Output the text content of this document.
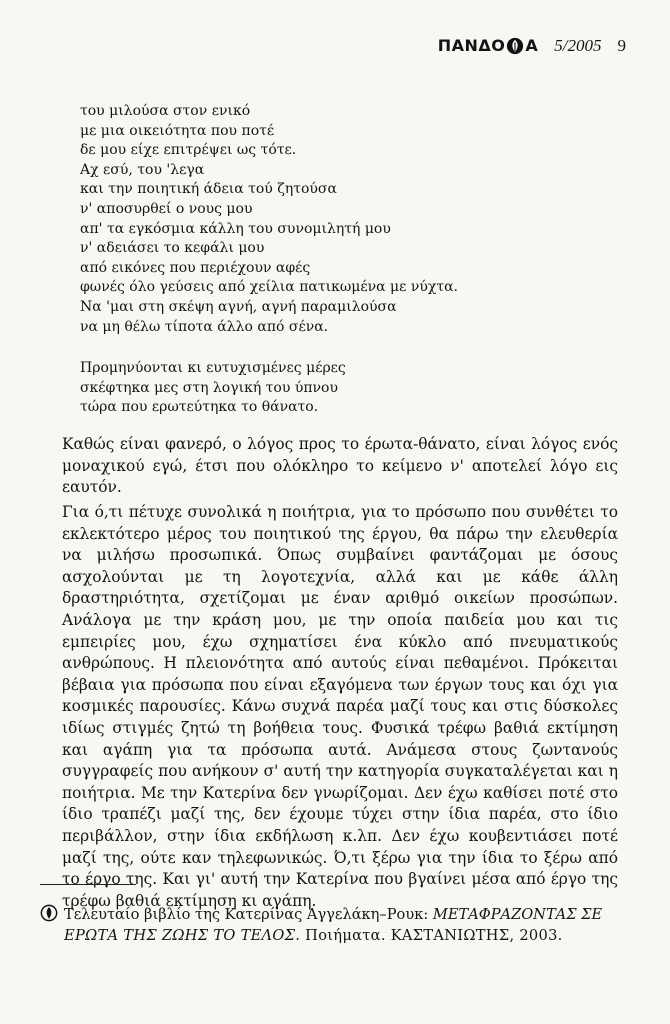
ΠΑΝΔΟ Α 5/2005 9
του μιλούσα στον ενικό
με μια οικειότητα που ποτέ
δε μου είχε επιτρέψει ως τότε.
Αχ εσύ, του 'λεγα
και την ποιητική άδεια τού ζητούσα
ν' αποσυρθεί ο νους μου
απ' τα εγκόσμια κάλλη του συνομιλητή μου
ν' αδειάσει το κεφάλι μου
από εικόνες που περιέχουν αφές
φωνές όλο γεύσεις από χείλια πατικωμένα με νύχτα.
Να 'μαι στη σκέψη αγνή, αγνή παραμιλούσα
να μη θέλω τίποτα άλλο από σένα.
Προμηνύονται κι ευτυχισμένες μέρες
σκέφτηκα μες στη λογική του ύπνου
τώρα που ερωτεύτηκα το θάνατο.

Καθώς είναι φανερό, ο λόγος προς το έρωτα-θάνατο, είναι λόγος ενός μοναχικού εγώ, έτσι που ολόκληρο το κείμενο ν' αποτελεί λόγο εις εαυτόν.

Για ό,τι πέτυχε συνολικά η ποιήτρια, για το πρόσωπο που συνθέτει το εκλεκτότερο μέρος του ποιητικού της έργου, θα πάρω την ελευθερία να μιλήσω προσωπικά. Όπως συμβαίνει φαντάζομαι με όσους ασχολούνται με τη λογοτεχνία, αλλά και με κάθε άλλη δραστηριότητα, σχετίζομαι με έναν αριθμό οικείων προσώπων. Ανάλογα με την κράση μου, με την οποία παιδεία μου και τις εμπειρίες μου, έχω σχηματίσει ένα κύκλο από πνευματικούς ανθρώπους. Η πλειονότητα από αυτούς είναι πεθαμένοι. Πρόκειται βέβαια για πρόσωπα που είναι εξαγόμενα των έργων τους και όχι για κοσμικές παρουσίες. Κάνω συχνά παρέα μαζί τους και στις δύσκολες ιδίως στιγμές ζητώ τη βοήθεια τους. Φυσικά τρέφω βαθιά εκτίμηση και αγάπη για τα πρόσωπα αυτά. Ανάμεσα στους ζωντανούς συγγραφείς που ανήκουν σ' αυτή την κατηγορία συγκαταλέγεται και η ποιήτρια. Με την Κατερίνα δεν γνωρίζομαι. Δεν έχω καθίσει ποτέ στο ίδιο τραπέζι μαζί της, δεν έχουμε τύχει στην ίδια παρέα, στο ίδιο περιβάλλον, στην ίδια εκδήλωση κ.λπ. Δεν έχω κουβεντιάσει ποτέ μαζί της, ούτε καν τηλεφωνικώς. Ό,τι ξέρω για την ίδια το ξέρω από το έργο της. Και γι' αυτή την Κατερίνα που βγαίνει μέσα από έργο της τρέφω βαθιά εκτίμηση κι αγάπη.

Τελευταίο βιβλίο της Κατερίνας Αγγελάκη–Ρουκ: ΜΕΤΑΦΡΑΖΟΝΤΑΣ ΣΕ
ΕΡΩΤΑ ΤΗΣ ΖΩΗΣ ΤΟ ΤΕΛΟΣ. Ποιήματα. ΚΑΣΤΑΝΙΩΤΗΣ, 2003.
